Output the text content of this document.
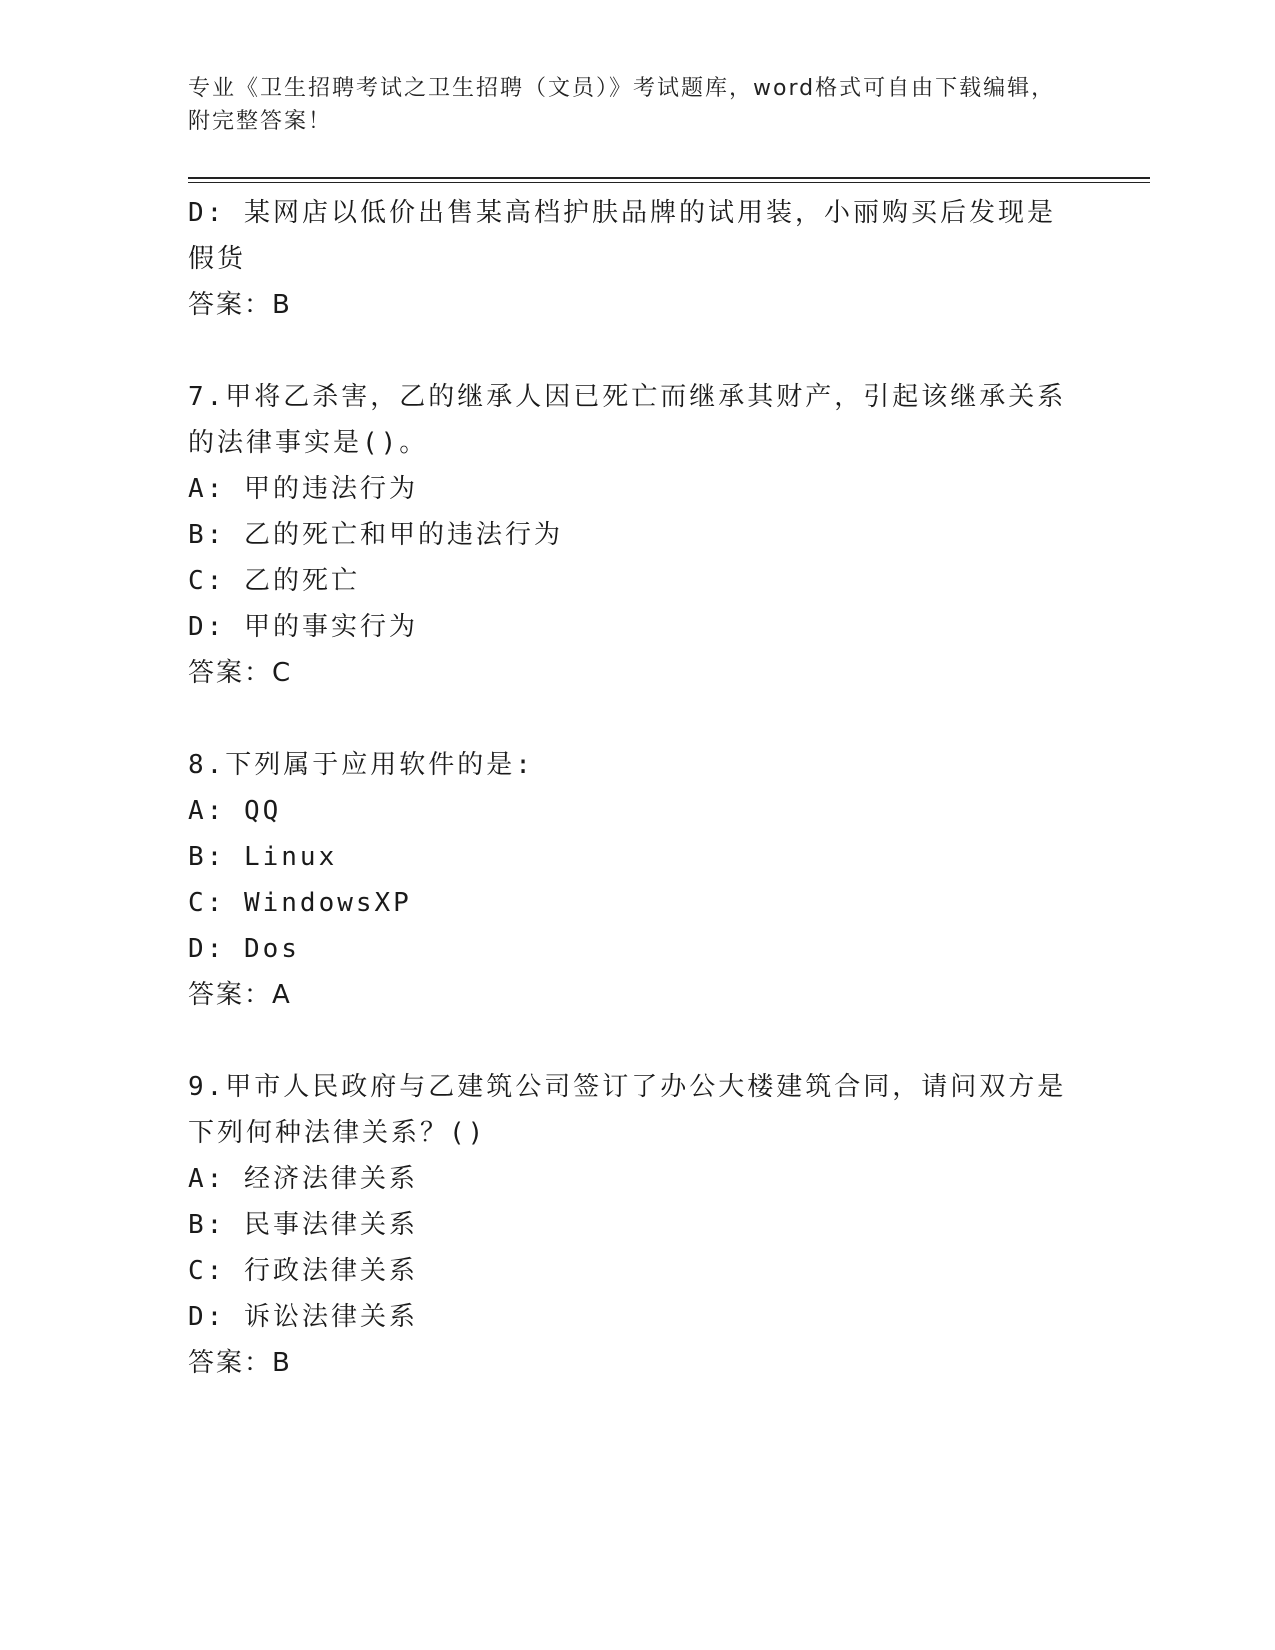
专业《卫生招聘考试之卫生招聘（文员）》考试题库，word格式可自由下载编辑，附完整答案！

D: 某网店以低价出售某高档护肤品牌的试用装，小丽购买后发现是假货

答案：B

7.甲将乙杀害，乙的继承人因已死亡而继承其财产，引起该继承关系的法律事实是()。

A: 甲的违法行为

B: 乙的死亡和甲的违法行为

C: 乙的死亡

D: 甲的事实行为

答案：C

8.下列属于应用软件的是:

A: QQ

B: Linux

C: WindowsXP

D: Dos

答案：A

9.甲市人民政府与乙建筑公司签订了办公大楼建筑合同，请问双方是下列何种法律关系？()

A: 经济法律关系

B: 民事法律关系

C: 行政法律关系

D: 诉讼法律关系

答案：B
